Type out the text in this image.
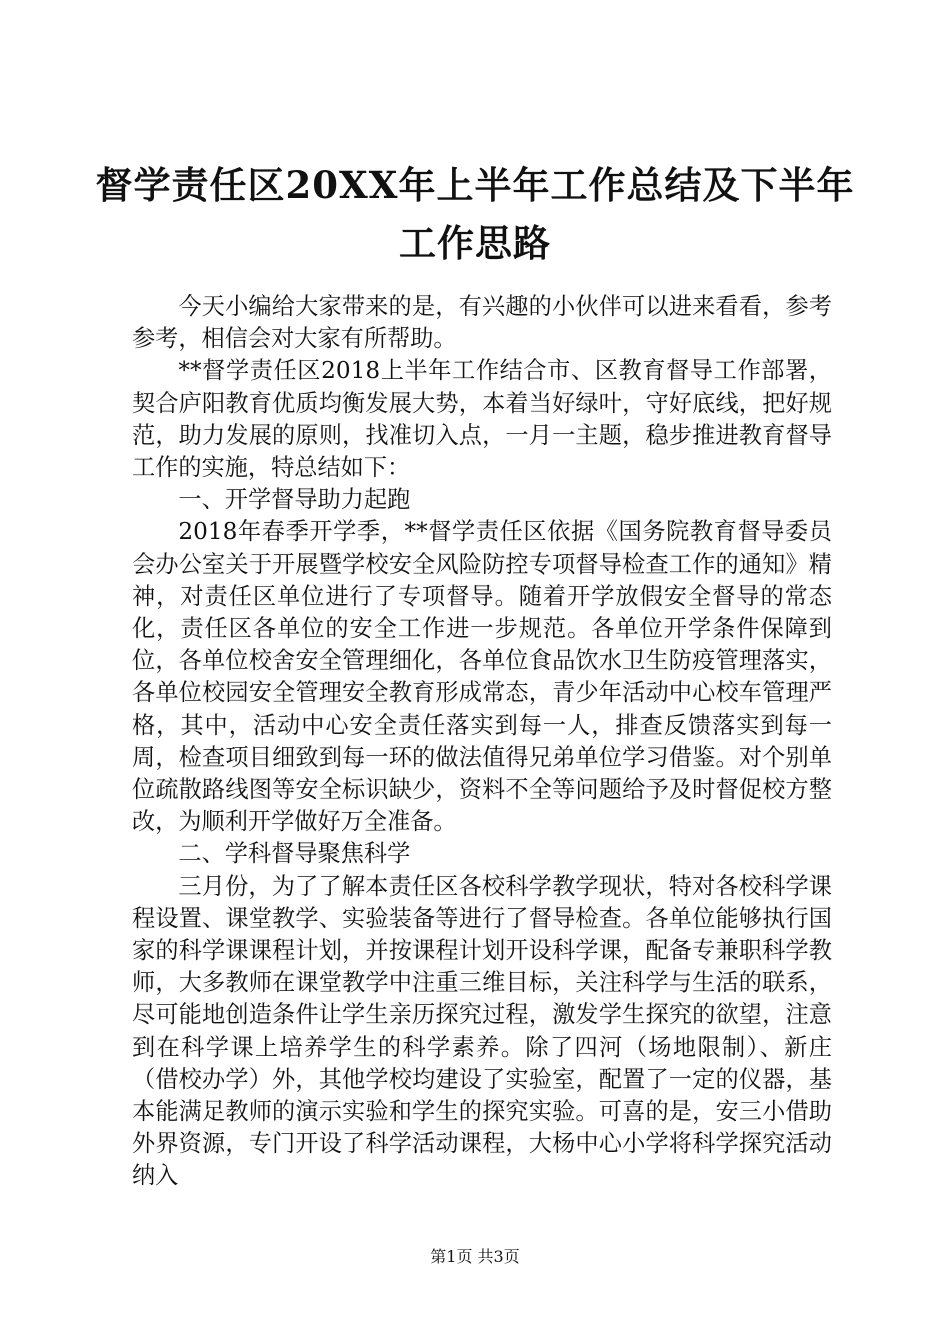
督学责任区20XX年上半年工作总结及下半年
工作思路

今天小编给大家带来的是，有兴趣的小伙伴可以进来看看，参考参考，相信会对大家有所帮助。

**督学责任区2018上半年工作结合市、区教育督导工作部署，契合庐阳教育优质均衡发展大势，本着当好绿叶，守好底线，把好规范，助力发展的原则，找准切入点，一月一主题，稳步推进教育督导工作的实施，特总结如下：

一、开学督导助力起跑

2018年春季开学季，**督学责任区依据《国务院教育督导委员会办公室关于开展暨学校安全风险防控专项督导检查工作的通知》精神，对责任区单位进行了专项督导。随着开学放假安全督导的常态化，责任区各单位的安全工作进一步规范。各单位开学条件保障到位，各单位校舍安全管理细化，各单位食品饮水卫生防疫管理落实，各单位校园安全管理安全教育形成常态，青少年活动中心校车管理严格，其中，活动中心安全责任落实到每一人，排查反馈落实到每一周，检查项目细致到每一环的做法值得兄弟单位学习借鉴。对个别单位疏散路线图等安全标识缺少，资料不全等问题给予及时督促校方整改，为顺利开学做好万全准备。

二、学科督导聚焦科学

三月份，为了了解本责任区各校科学教学现状，特对各校科学课程设置、课堂教学、实验装备等进行了督导检查。各单位能够执行国家的科学课课程计划，并按课程计划开设科学课，配备专兼职科学教师，大多教师在课堂教学中注重三维目标，关注科学与生活的联系，尽可能地创造条件让学生亲历探究过程，激发学生探究的欲望，注意到在科学课上培养学生的科学素养。除了四河（场地限制）、新庄（借校办学）外，其他学校均建设了实验室，配置了一定的仪器，基本能满足教师的演示实验和学生的探究实验。可喜的是，安三小借助外界资源，专门开设了科学活动课程，大杨中心小学将科学探究活动纳入

第1页 共3页
